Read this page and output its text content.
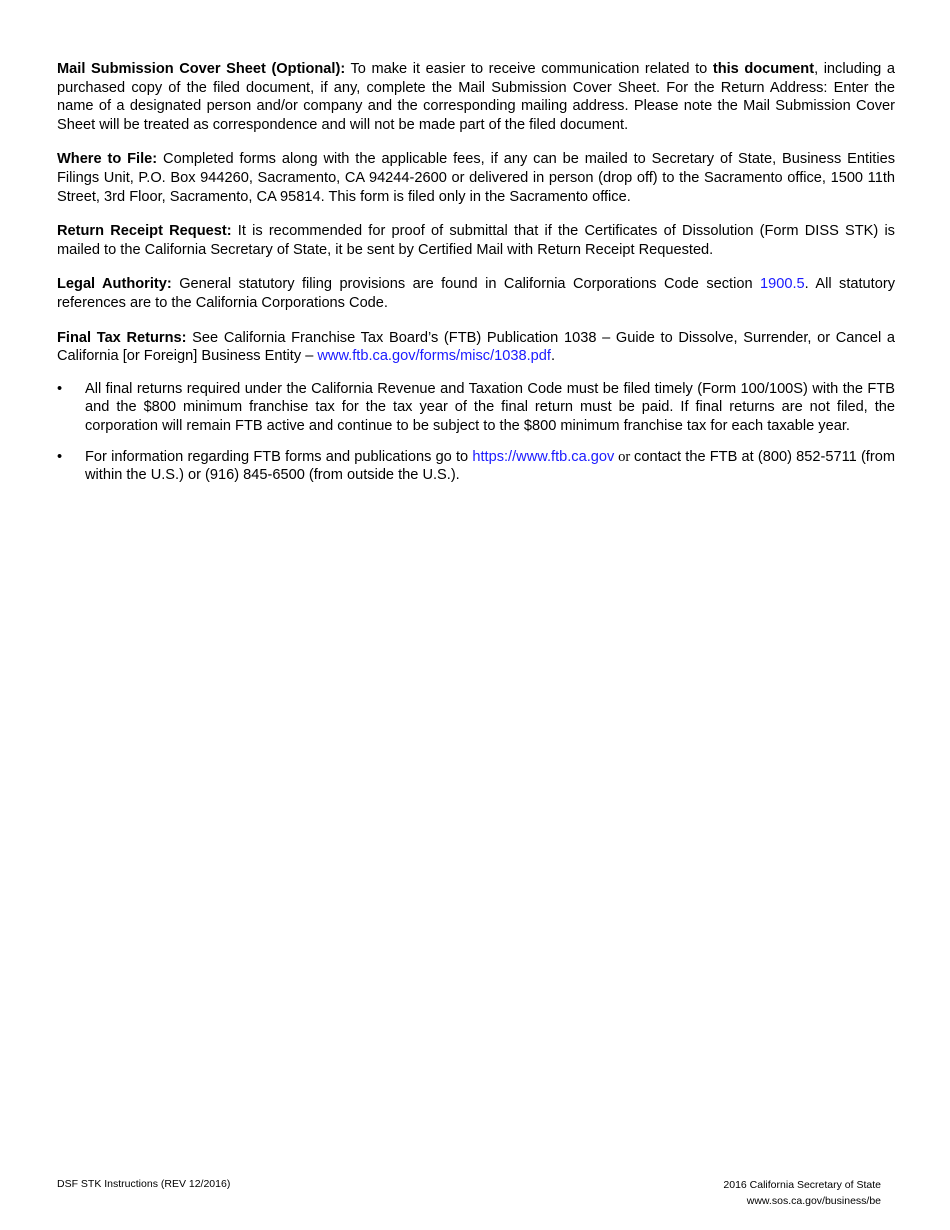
Mail Submission Cover Sheet (Optional): To make it easier to receive communication related to this document, including a purchased copy of the filed document, if any, complete the Mail Submission Cover Sheet. For the Return Address: Enter the name of a designated person and/or company and the corresponding mailing address. Please note the Mail Submission Cover Sheet will be treated as correspondence and will not be made part of the filed document.

Where to File: Completed forms along with the applicable fees, if any can be mailed to Secretary of State, Business Entities Filings Unit, P.O. Box 944260, Sacramento, CA 94244-2600 or delivered in person (drop off) to the Sacramento office, 1500 11th Street, 3rd Floor, Sacramento, CA 95814. This form is filed only in the Sacramento office.

Return Receipt Request: It is recommended for proof of submittal that if the Certificates of Dissolution (Form DISS STK) is mailed to the California Secretary of State, it be sent by Certified Mail with Return Receipt Requested.

Legal Authority: General statutory filing provisions are found in California Corporations Code section 1900.5. All statutory references are to the California Corporations Code.

Final Tax Returns: See California Franchise Tax Board’s (FTB) Publication 1038 – Guide to Dissolve, Surrender, or Cancel a California [or Foreign] Business Entity – www.ftb.ca.gov/forms/misc/1038.pdf.

• All final returns required under the California Revenue and Taxation Code must be filed timely (Form 100/100S) with the FTB and the $800 minimum franchise tax for the tax year of the final return must be paid. If final returns are not filed, the corporation will remain FTB active and continue to be subject to the $800 minimum franchise tax for each taxable year.
• For information regarding FTB forms and publications go to https://www.ftb.ca.gov or contact the FTB at (800) 852-5711 (from within the U.S.) or (916) 845-6500 (from outside the U.S.).
DSF STK Instructions (REV 12/2016)	2016 California Secretary of State
www.sos.ca.gov/business/be
